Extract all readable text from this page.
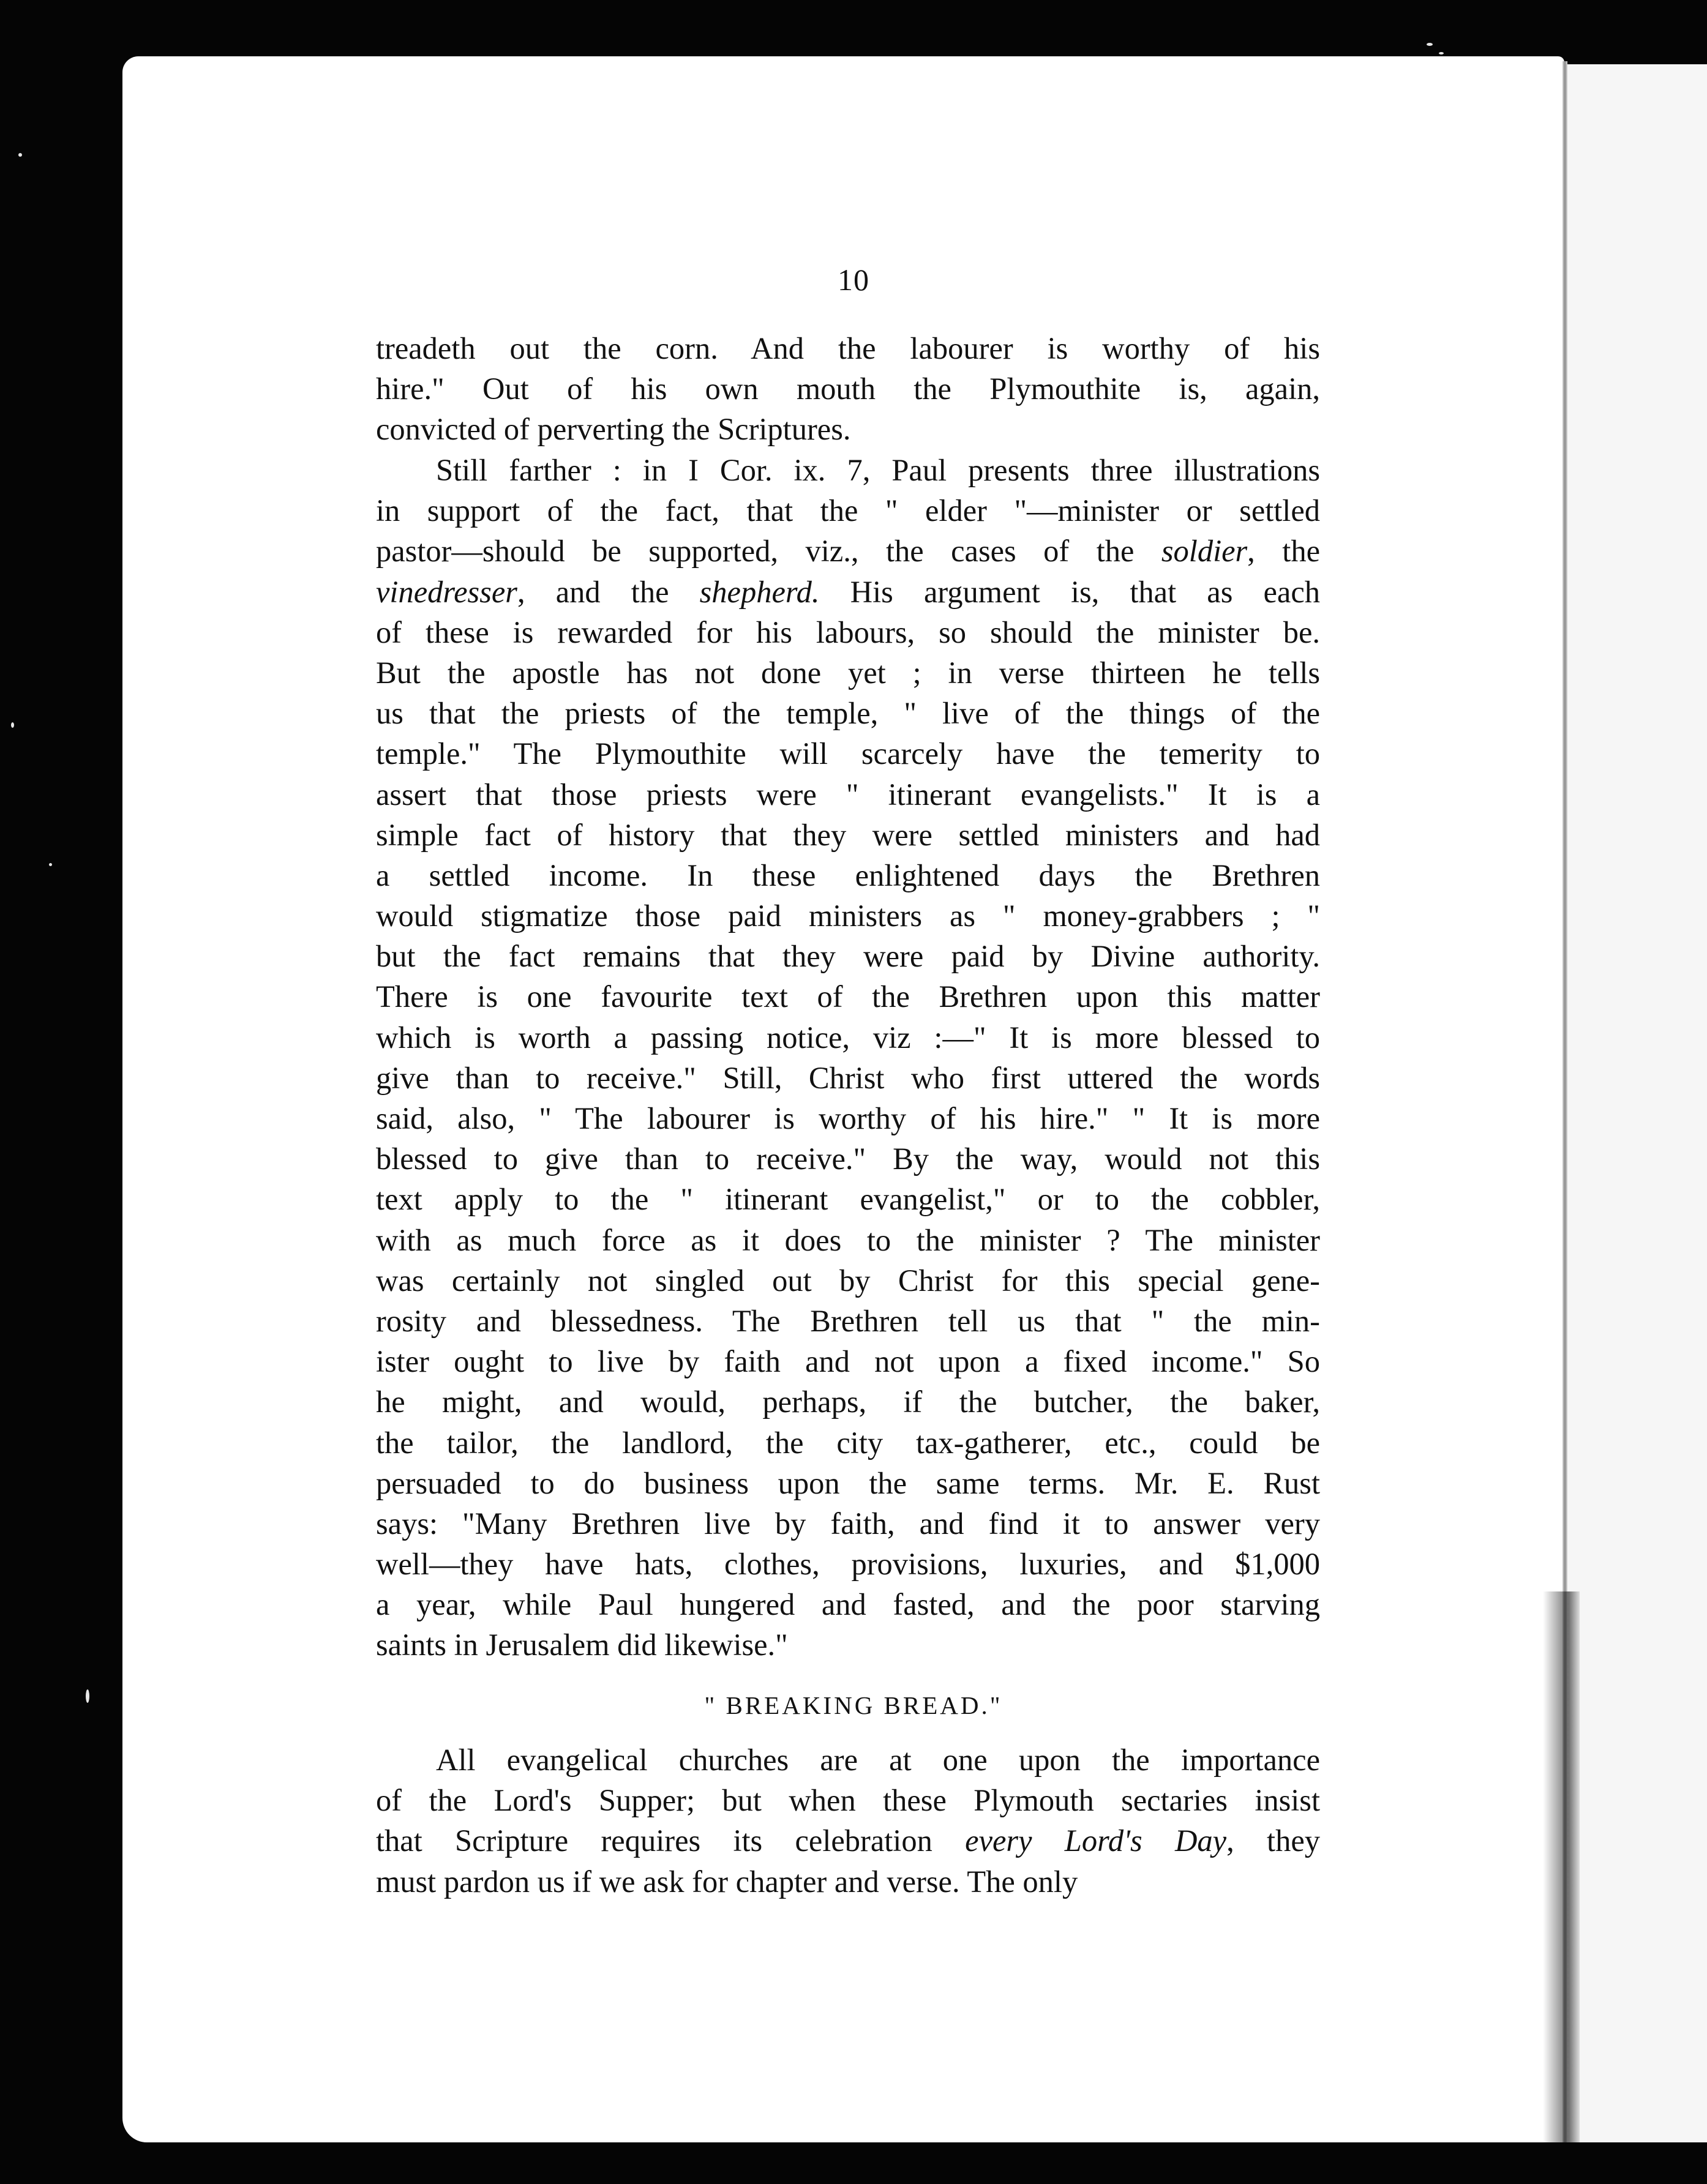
10
treadeth out the corn. And the labourer is worthy of his
hire." Out of his own mouth the Plymouthite is, again,
convicted of perverting the Scriptures.
Still farther : in I Cor. ix. 7, Paul presents three illustrations
in support of the fact, that the " elder "—minister or settled
pastor—should be supported, viz., the cases of the soldier, the
vinedresser, and the shepherd. His argument is, that as each
of these is rewarded for his labours, so should the minister be.
But the apostle has not done yet ; in verse thirteen he tells
us that the priests of the temple, " live of the things of the
temple." The Plymouthite will scarcely have the temerity to
assert that those priests were " itinerant evangelists." It is a
simple fact of history that they were settled ministers and had
a settled income. In these enlightened days the Brethren
would stigmatize those paid ministers as " money-grabbers ; "
but the fact remains that they were paid by Divine authority.
There is one favourite text of the Brethren upon this matter
which is worth a passing notice, viz :—" It is more blessed to
give than to receive." Still, Christ who first uttered the words
said, also, " The labourer is worthy of his hire." " It is more
blessed to give than to receive." By the way, would not this
text apply to the " itinerant evangelist," or to the cobbler,
with as much force as it does to the minister ? The minister
was certainly not singled out by Christ for this special gene-
rosity and blessedness. The Brethren tell us that " the min-
ister ought to live by faith and not upon a fixed income." So
he might, and would, perhaps, if the butcher, the baker,
the tailor, the landlord, the city tax-gatherer, etc., could be
persuaded to do business upon the same terms. Mr. E. Rust
says: "Many Brethren live by faith, and find it to answer very
well—they have hats, clothes, provisions, luxuries, and $1,000
a year, while Paul hungered and fasted, and the poor starving
saints in Jerusalem did likewise."
" BREAKING BREAD."
All evangelical churches are at one upon the importance
of the Lord's Supper; but when these Plymouth sectaries insist
that Scripture requires its celebration every Lord's Day, they
must pardon us if we ask for chapter and verse. The only
